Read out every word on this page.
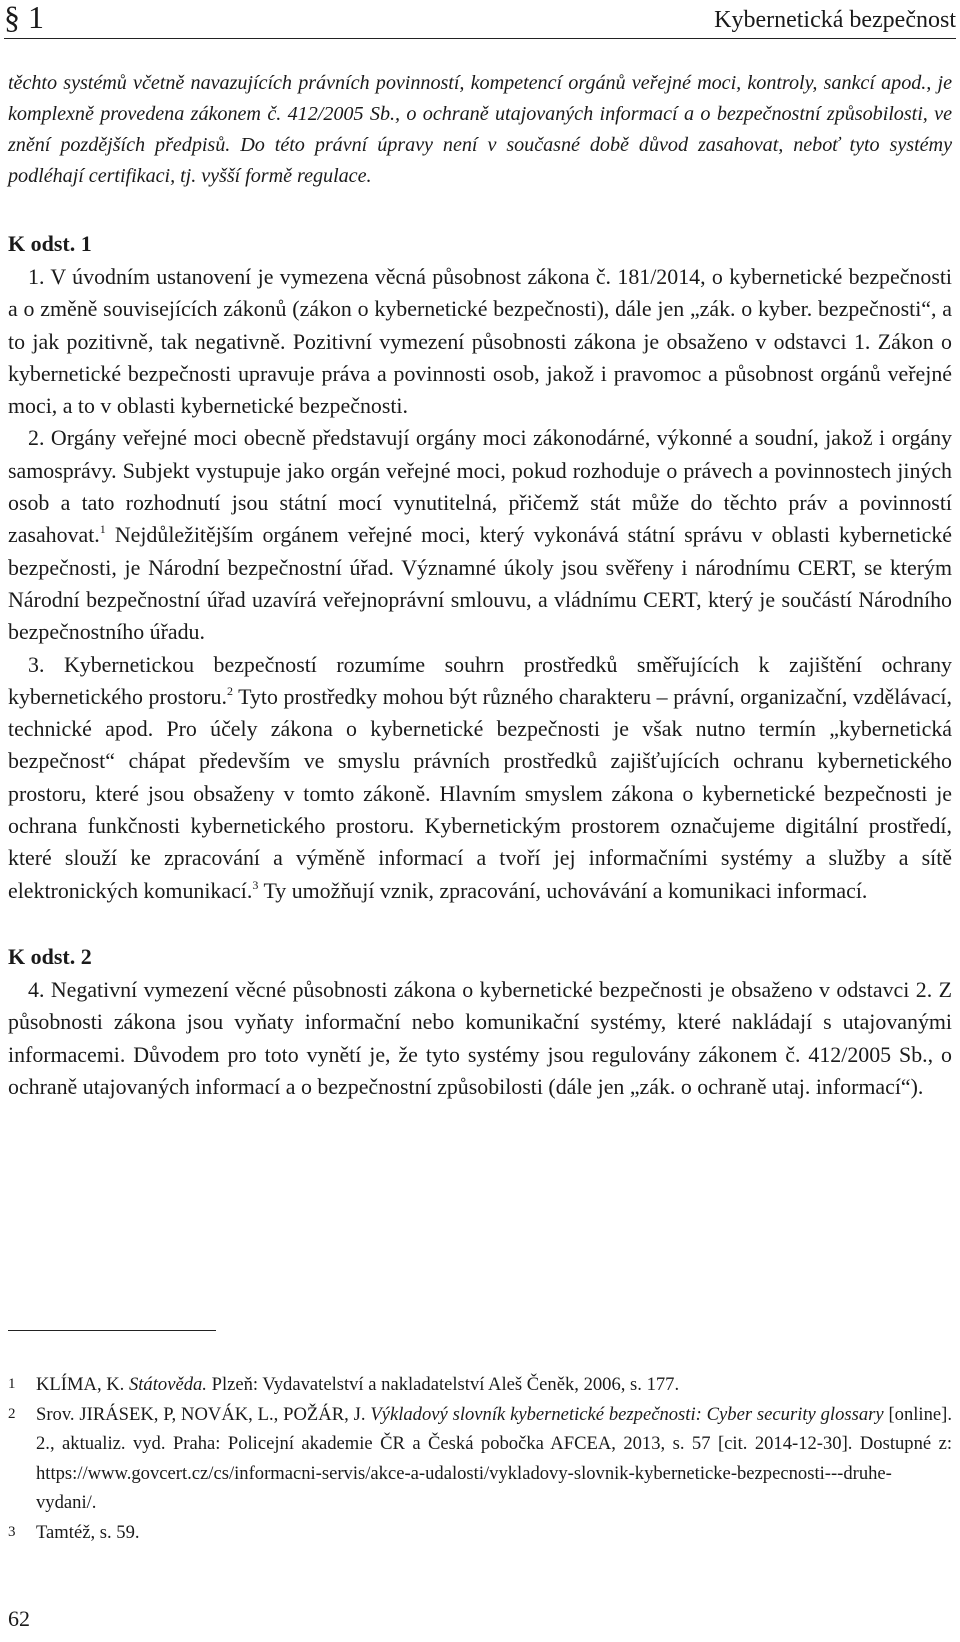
§ 1	Kybernetická bezpečnost

těchto systémů včetně navazujících právních povinností, kompetencí orgánů veřejné moci, kontroly, sankcí apod., je komplexně provedena zákonem č. 412/2005 Sb., o ochraně utajovaných informací a o bezpečnostní způsobilosti, ve znění pozdějších předpisů. Do této právní úpravy není v současné době důvod zasahovat, neboť tyto systémy podléhají certifikaci, tj. vyšší formě regulace.

K odst. 1

1. V úvodním ustanovení je vymezena věcná působnost zákona č. 181/2014, o kybernetické bezpečnosti a o změně souvisejících zákonů (zákon o kybernetické bezpečnosti), dále jen „zák. o kyber. bezpečnosti“, a to jak pozitivně, tak negativně. Pozitivní vymezení působnosti zákona je obsaženo v odstavci 1. Zákon o kybernetické bezpečnosti upravuje práva a povinnosti osob, jakož i pravomoc a působnost orgánů veřejné moci, a to v oblasti kybernetické bezpečnosti.

2. Orgány veřejné moci obecně představují orgány moci zákonodárné, výkonné a soudní, jakož i orgány samosprávy. Subjekt vystupuje jako orgán veřejné moci, pokud rozhoduje o právech a povinnostech jiných osob a tato rozhodnutí jsou státní mocí vynutitelná, přičemž stát může do těchto práv a povinností zasahovat.$^1$ Nejdůležitějším orgánem veřejné moci, který vykonává státní správu v oblasti kybernetické bezpečnosti, je Národní bezpečnostní úřad. Významné úkoly jsou svěřeny i národnímu CERT, se kterým Národní bezpečnostní úřad uzavírá veřejnoprávní smlouvu, a vládnímu CERT, který je součástí Národního bezpečnostního úřadu.

3. Kybernetickou bezpečností rozumíme souhrn prostředků směřujících k zajištění ochrany kybernetického prostoru.$^2$ Tyto prostředky mohou být různého charakteru – právní, organizační, vzdělávací, technické apod. Pro účely zákona o kybernetické bezpečnosti je však nutno termín „kybernetická bezpečnost“ chápat především ve smyslu právních prostředků zajišťujících ochranu kybernetického prostoru, které jsou obsaženy v tomto zákoně. Hlavním smyslem zákona o kybernetické bezpečnosti je ochrana funkčnosti kybernetického prostoru. Kybernetickým prostorem označujeme digitální prostředí, které slouží ke zpracování a výměně informací a tvoří jej informačními systémy a služby a sítě elektronických komunikací.$^3$ Ty umožňují vznik, zpracování, uchovávání a komunikaci informací.

K odst. 2

4. Negativní vymezení věcné působnosti zákona o kybernetické bezpečnosti je obsaženo v odstavci 2. Z působnosti zákona jsou vyňaty informační nebo komunikační systémy, které nakládají s utajovanými informacemi. Důvodem pro toto vynětí je, že tyto systémy jsou regulovány zákonem č. 412/2005 Sb., o ochraně utajovaných informací a o bezpečnostní způsobilosti (dále jen „zák. o ochraně utaj. informací“).

1 KLÍMA, K. Státověda. Plzeň: Vydavatelství a nakladatelství Aleš Čeněk, 2006, s. 177.

2 Srov. JIRÁSEK, P, NOVÁK, L., POŽÁR, J. Výkladový slovník kybernetické bezpečnosti: Cyber security glossary [online]. 2., aktualiz. vyd. Praha: Policejní akademie ČR a Česká pobočka AFCEA, 2013, s. 57 [cit. 2014-12-30]. Dostupné z: https://www.govcert.cz/cs/informacni-servis/akce-a-udalosti/vykladovy-slovnik-kyberneticke-bezpecnosti---druhe-vydani/.

3 Tamtéž, s. 59.

62
